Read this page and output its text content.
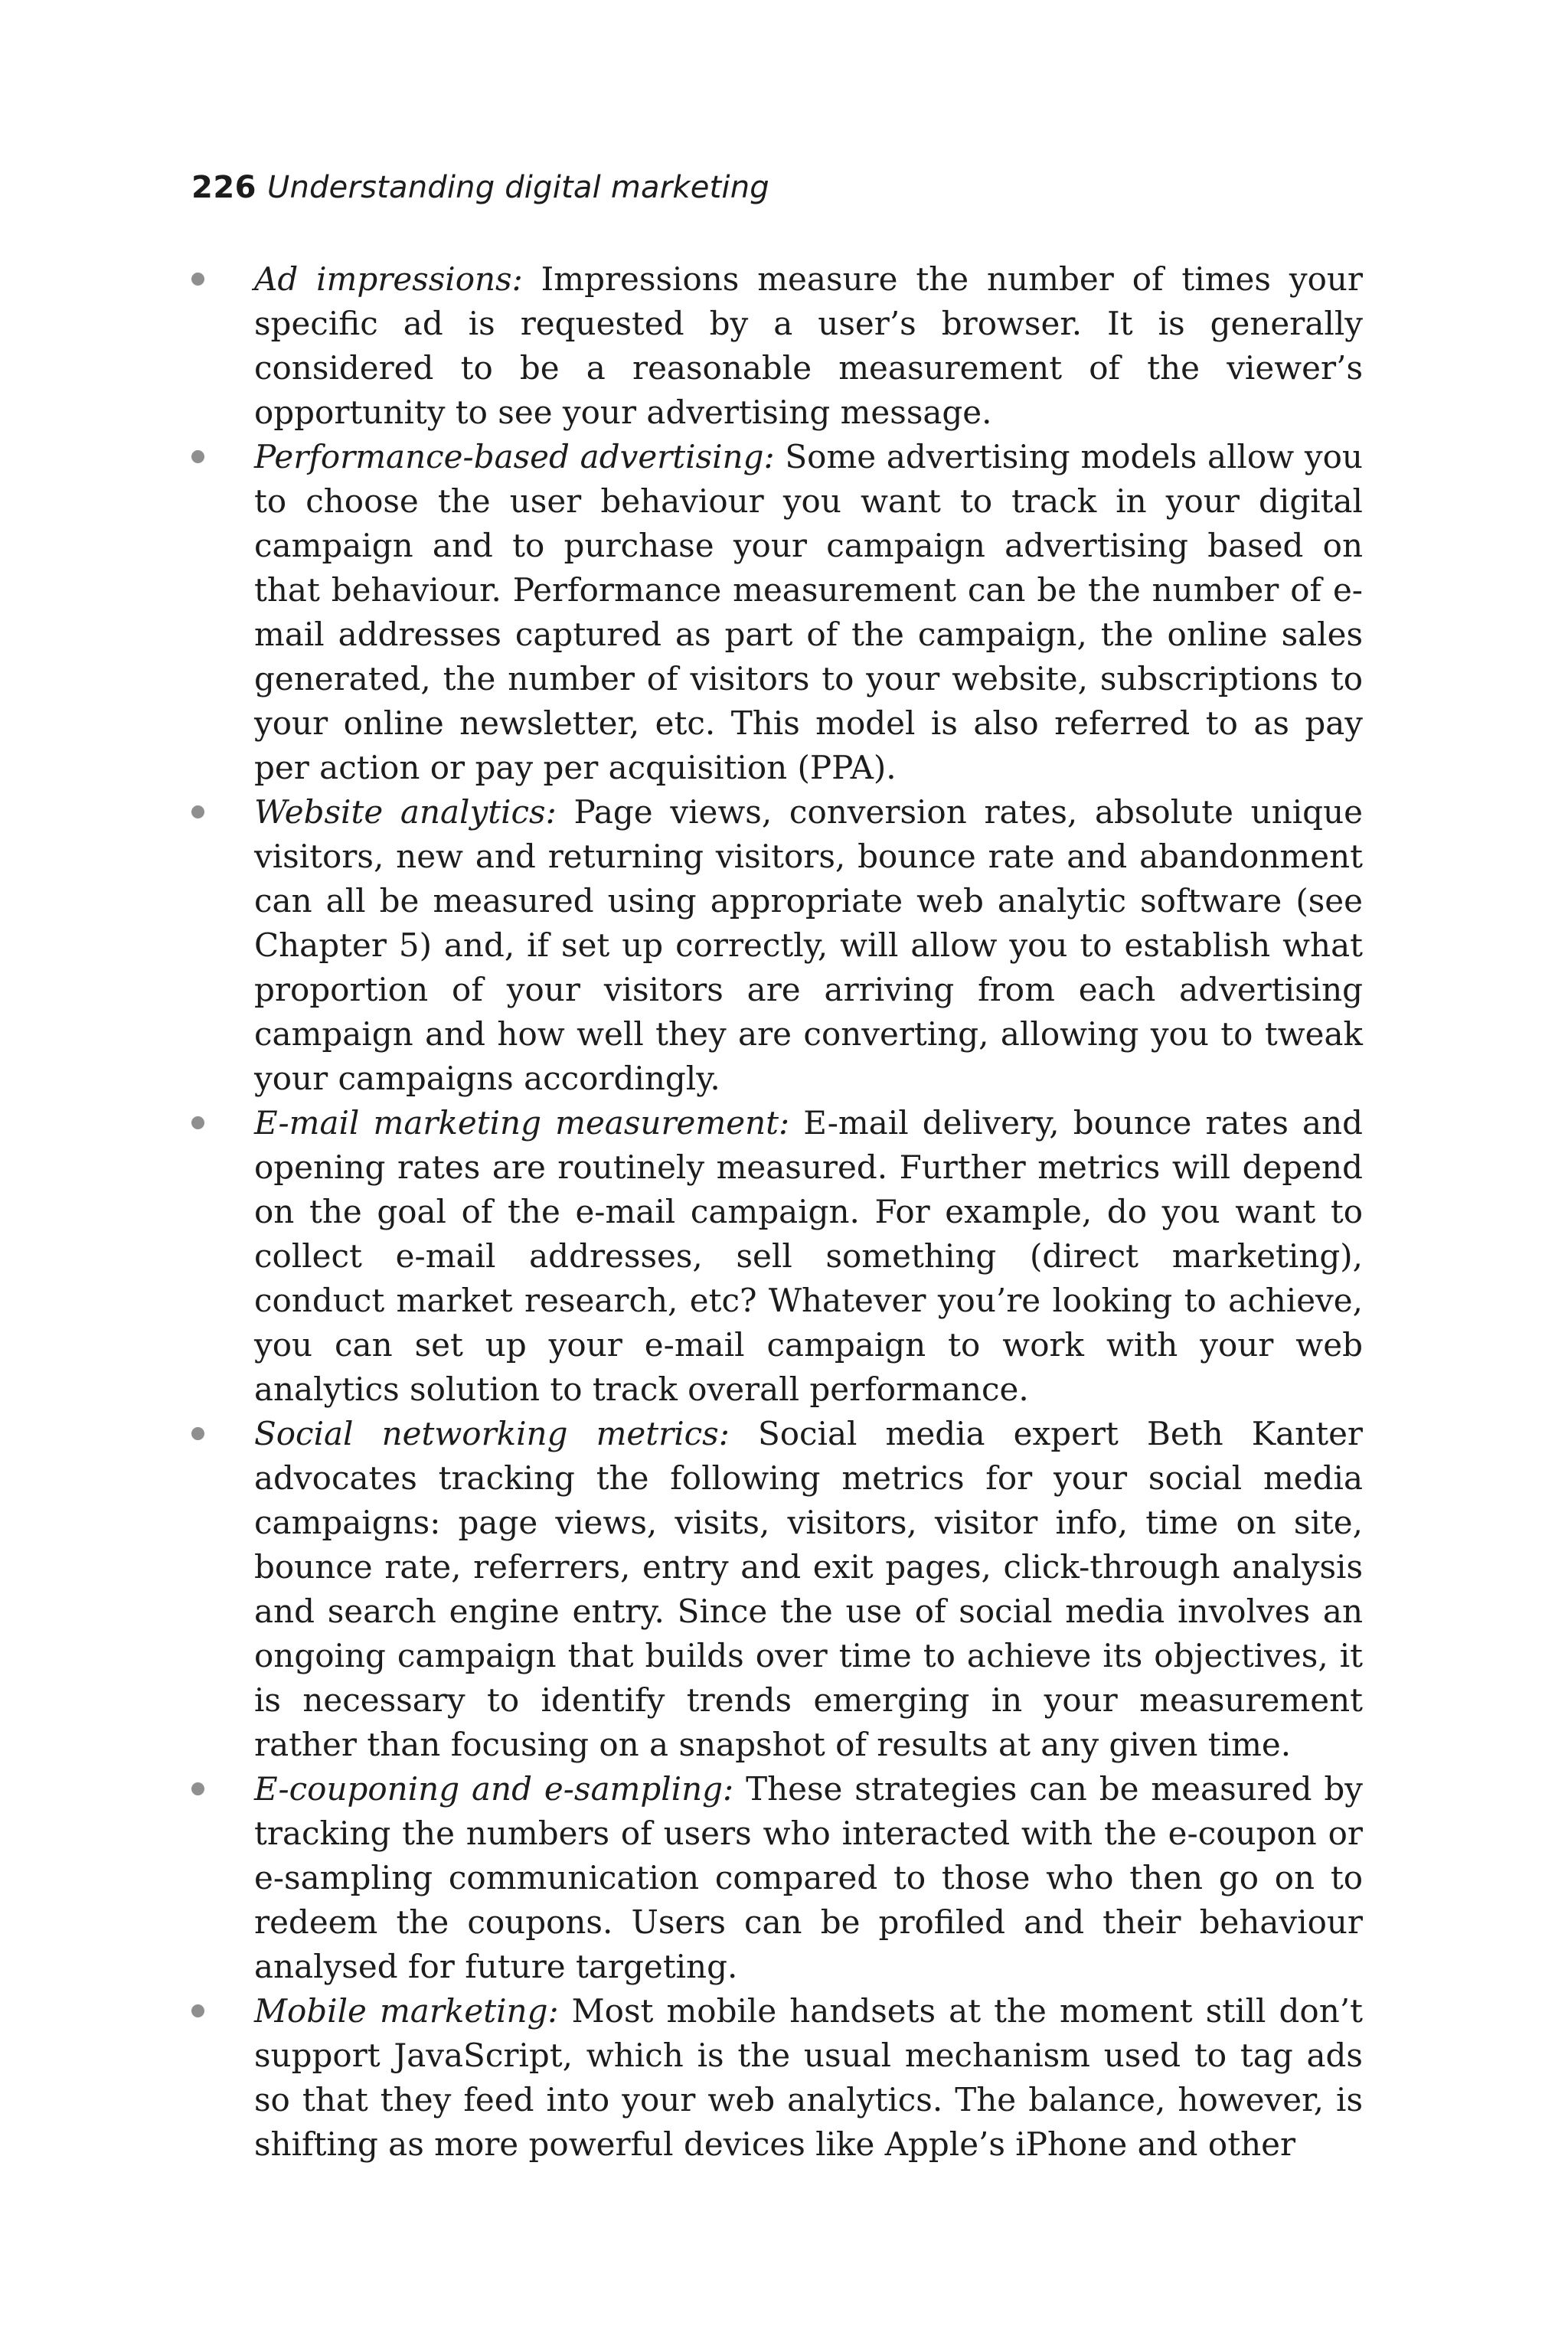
226 Understanding digital marketing
Ad impressions: Impressions measure the number of times your specific ad is requested by a user’s browser. It is generally considered to be a reasonable measurement of the viewer’s opportunity to see your advertising message.
Performance-based advertising: Some advertising models allow you to choose the user behaviour you want to track in your digital campaign and to purchase your campaign advertising based on that behaviour. Performance measurement can be the number of e-mail addresses captured as part of the campaign, the online sales generated, the number of visitors to your website, subscriptions to your online newsletter, etc. This model is also referred to as pay per action or pay per acquisition (PPA).
Website analytics: Page views, conversion rates, absolute unique visitors, new and returning visitors, bounce rate and abandonment can all be measured using appropriate web analytic software (see Chapter 5) and, if set up correctly, will allow you to establish what proportion of your visitors are arriving from each advertising campaign and how well they are converting, allowing you to tweak your campaigns accordingly.
E-mail marketing measurement: E-mail delivery, bounce rates and opening rates are routinely measured. Further metrics will depend on the goal of the e-mail campaign. For example, do you want to collect e-mail addresses, sell something (direct marketing), conduct market research, etc? Whatever you’re looking to achieve, you can set up your e-mail campaign to work with your web analytics solution to track overall performance.
Social networking metrics: Social media expert Beth Kanter advocates tracking the following metrics for your social media campaigns: page views, visits, visitors, visitor info, time on site, bounce rate, referrers, entry and exit pages, click-through analysis and search engine entry. Since the use of social media involves an ongoing campaign that builds over time to achieve its objectives, it is necessary to identify trends emerging in your measurement rather than focusing on a snapshot of results at any given time.
E-couponing and e-sampling: These strategies can be measured by tracking the numbers of users who interacted with the e-coupon or e-sampling communication compared to those who then go on to redeem the coupons. Users can be profiled and their behaviour analysed for future targeting.
Mobile marketing: Most mobile handsets at the moment still don’t support JavaScript, which is the usual mechanism used to tag ads so that they feed into your web analytics. The balance, however, is shifting as more powerful devices like Apple’s iPhone and other
